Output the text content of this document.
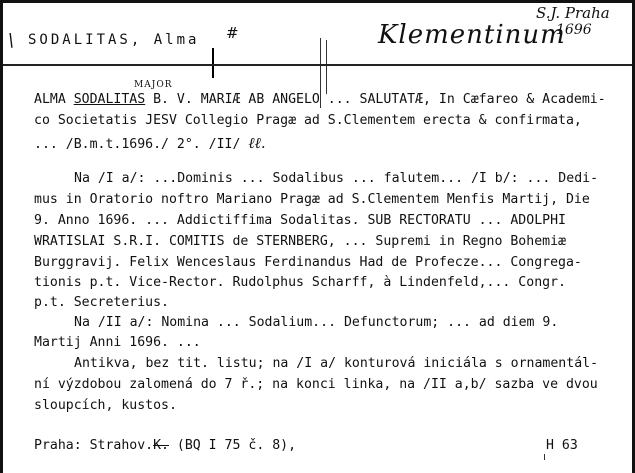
\ SODALITAS, Alma #	Klementinum
S.J. Praha
1696
MAJOR
ALMA SODALITAS B. V. MARIÆ AB ANGELO ... SALUTATÆ, In Cæfareo & Academi-
co Societatis JESV Collegio Pragæ ad S.Clementem erecta & confirmata,
... /B.m.t.1696./ 2°. /II/ ℓℓ.
Na /I a/: ...Dominis ... Sodalibus ... falutem... /I b/: ... Dedi-
mus in Oratorio noftro Mariano Pragæ ad S.Clementem Menfis Martij, Die
9. Anno 1696. ... Addictiffima Sodalitas. SUB RECTORATU ... ADOLPHI
WRATISLAI S.R.I. COMITIS de STERNBERG, ... Supremi in Regno Bohemiæ
Burggravij. Felix Wenceslaus Ferdinandus Had de Profecze... Congrega-
tionis p.t. Vice-Rector. Rudolphus Scharff, à Lindenfeld,... Congr.
p.t. Secreterius.
Na /II a/: Nomina ... Sodalium... Defunctorum; ... ad diem 9.
Martij Anni 1696. ...
Antikva, bez tit. listu; na /I a/ konturová iniciála s ornamentál-
ní výzdobou zalomená do 7 ř.; na konci linka, na /II a,b/ sazba ve dvou
sloupcích, kustos.
Praha: Strahov.K. (BQ I 75 č. 8),	H 63
